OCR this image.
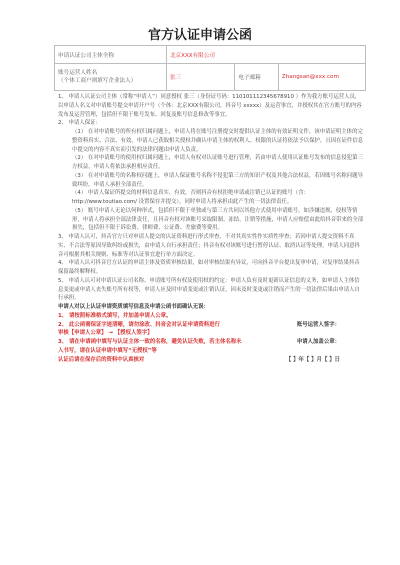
官方认证申请公函
申请认证公司主体全称	北京XXX有限公司		

账号运营人姓名
（个体工商户则填写企业法人）	张三	电子邮箱	Zhangsan@xxx.com

1、 申请人认证公司主体（常称“申请人”）同意授权 张三（身份证号码：110101112345678910 ）作为我方账号运营人员，以申请人名义对申请账号提交申请开户号（个体：北京XXX有限公司，抖音号 xxxxx）及运营事宜，并授权其在官方账号的内容发布及运营管理，包括但不限于账号发布、回复及账号信息修改等事宜。

2、 申请人保证：

（1） 在对申请账号的所有权归属问题上，申请人将在账号注册提交时提供认证主体的有效证明文件，该申请证明主体的完整资料真实、合法、有效，申请人已获取相关授权并确认申请主体的权利人、权限的认证将依法予以保护，且因在证件信息中提交的内容不真实而引发的法律问题由申请人负责。

（2） 在对申请账号的使用权归属问题上，申请人有权对认证账号进行管理，若由申请人使用认证账号发布的信息侵犯第三方权益，申请人将依法承担相应责任。

（3） 在对申请账号的名称权问题上，申请人保证账号名称不侵犯第三方的知识产权及其他合法权益，若因账号名称问题导致纠纷，申请人承担全部责任。

（4） 申请人保证所提交的材料信息真实、有效，否则抖音有权拒绝申请或注销已认证的账号（含：http://www.toutiao.com/ 设置保存并提交），同时申请人将承担由此产生的一切法律责任。

（5） 账号申请人无论以何种形式，包括但不限于单独或与第三方共同以其他方式使用申请账号，如涉嫌违规、侵权等情形，申请人将承担全部法律责任，且抖音有权对该账号采取限制、冻结、注销等措施，申请人应赔偿由此给抖音带来的全部损失，包括但不限于诉讼费、律师费、公证费、差旅费等费用。

3、 申请人认可，抖音官方只对申请人提交的认证资料进行形式审查，不对其真实性作实质性审查；若因申请人提交资料不真实、不合法等原因导致纠纷或损失，由申请人自行承担责任；抖音有权对该账号进行暂停认证、取消认证等处理，申请人同意抖音可根据其相关规则、标准等对认证事宜进行单方面决定。

4、 申请人认可抖音官方认证的申请主体及资质审核结果，如对审核结果有异议，可向抖音平台提出复审申请，对复审结果抖音保留最终解释权。

5、 申请人认可对申请认证公司名称、申请账号所有权及使用权的约定：申请人负有及时更新认证信息的义务，如申请人主体信息变更或申请人丧失账号所有权等，申请人应及时申请变更或注销认证，因未及时变更或注销而产生的一切法律后果由申请人自行承担。

申请人对以上认证申请资质填写信息及申请公函书面确认无误：

1、 请按照标准格式填写，并加盖申请人公章。

2、 此公函需保证字迹清晰，请勿涂改、抖音会对认证申请资料进行	账号运营人签字：

审核【申请人公章】 → 【授权人签字】

3、 请在申请函中填写与认证主体一致的名称，避免认证失败，若主体名称未	申请人加盖公章：

入书写，请在认证申请中填写“无授权”等

认证后请在保存后的资料中认真核对	【 】年【 】月【 】日
